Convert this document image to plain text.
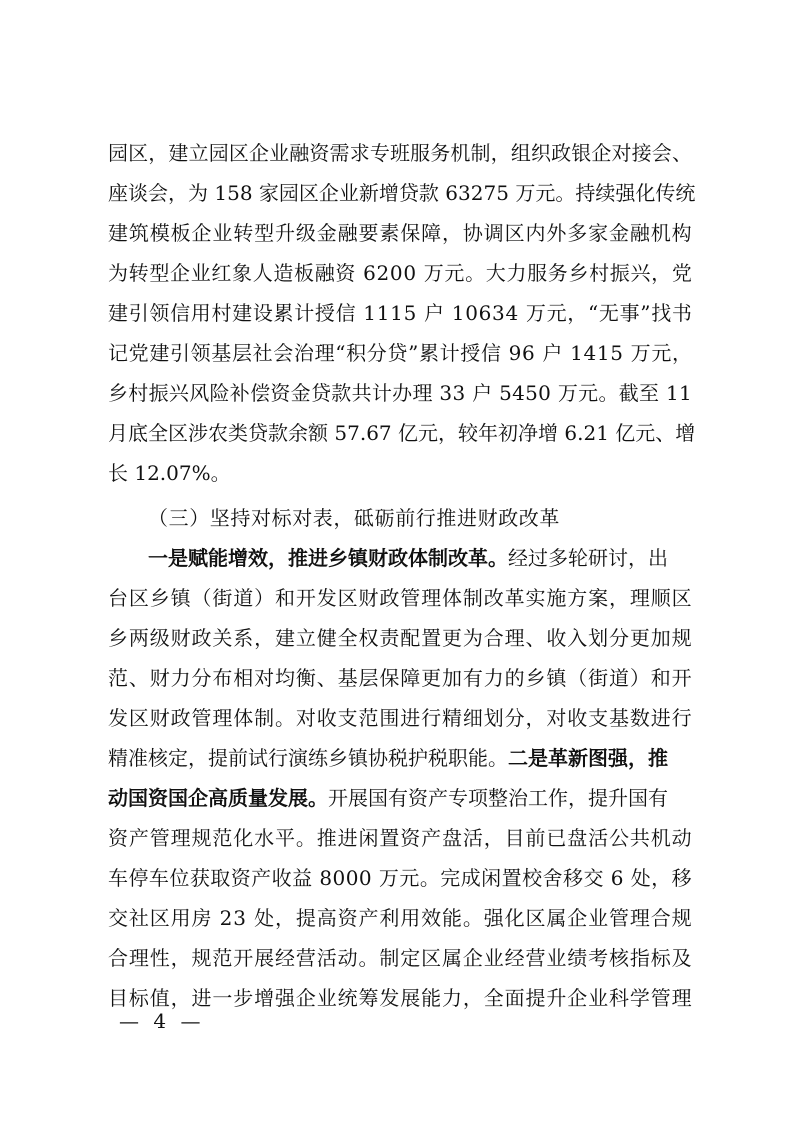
园 区 ， 建 立 园 区 企 业 融 资 需 求 专 班 服 务 机 制 ， 组 织 政 银 企 对 接 会 、
座 谈 会 ， 为
1 5 8
家 园 区 企 业 新 增 贷 款
6 3 2 7 5
万 元 。 持 续 强 化 传 统
建 筑 模 板 企 业 转 型 升 级 金 融 要 素 保 障 ， 协 调 区 内 外 多 家 金 融 机 构
为 转 型 企 业 红 象 人 造 板 融 资
6 2 0 0
万 元 。 大 力 服 务 乡 村 振 兴 ， 党
建 引 领 信 用 村 建 设 累 计 授 信
1 1 1 5
户
1 0 6 3 4
万 元 ， “ 无 事 ” 找 书
记 党 建 引 领 基 层 社 会 治 理 “ 积 分 贷 ” 累 计 授 信
9 6
户
1 4 1 5
万 元 ，
乡 村 振 兴 风 险 补 偿 资 金 贷 款 共 计 办 理
3 3
户
5 4 5 0
万 元 。 截 至
1 1
月 底 全 区 涉 农 类 贷 款 余 额
5 7 . 6 7
亿 元 ， 较 年 初 净 增
6 . 2 1
亿 元 、 增
长 12.07%。
（三）坚持对标对表，砥砺前行推进财政改革
一是赋能增效，推进乡镇财政体制改革。经过多轮研讨，出
台 区 乡 镇 （ 街 道 ） 和 开 发 区 财 政 管 理 体 制 改 革 实 施 方 案 ， 理 顺 区
乡 两 级 财 政 关 系 ， 建 立 健 全 权 责 配 置 更 为 合 理 、 收 入 划 分 更 加 规
范 、 财 力 分 布 相 对 均 衡 、 基 层 保 障 更 加 有 力 的 乡 镇 （ 街 道 ） 和 开
发 区 财 政 管 理 体 制 。 对 收 支 范 围 进 行 精 细 划 分 ， 对 收 支 基 数 进 行
精准核定，提前试行演练乡镇协税护税职能。二是革新图强，推
动国资国企高质量发展。开展国有资产专项整治工作，提升国有
资 产 管 理 规 范 化 水 平 。 推 进 闲 置 资 产 盘 活 ， 目 前 已 盘 活 公 共 机 动
车 停 车 位 获 取 资 产 收 益
8 0 0 0
万 元 。 完 成 闲 置 校 舍 移 交
6
处 ， 移
交 社 区 用 房
2 3
处 ， 提 高 资 产 利 用 效 能 。 强 化 区 属 企 业 管 理 合 规
合 理 性 ， 规 范 开 展 经 营 活 动 。 制 定 区 属 企 业 经 营 业 绩 考 核 指 标 及
目 标 值 ， 进 一 步 增 强 企 业 统 筹 发 展 能 力 ， 全 面 提 升 企 业 科 学 管 理
— 4 —
